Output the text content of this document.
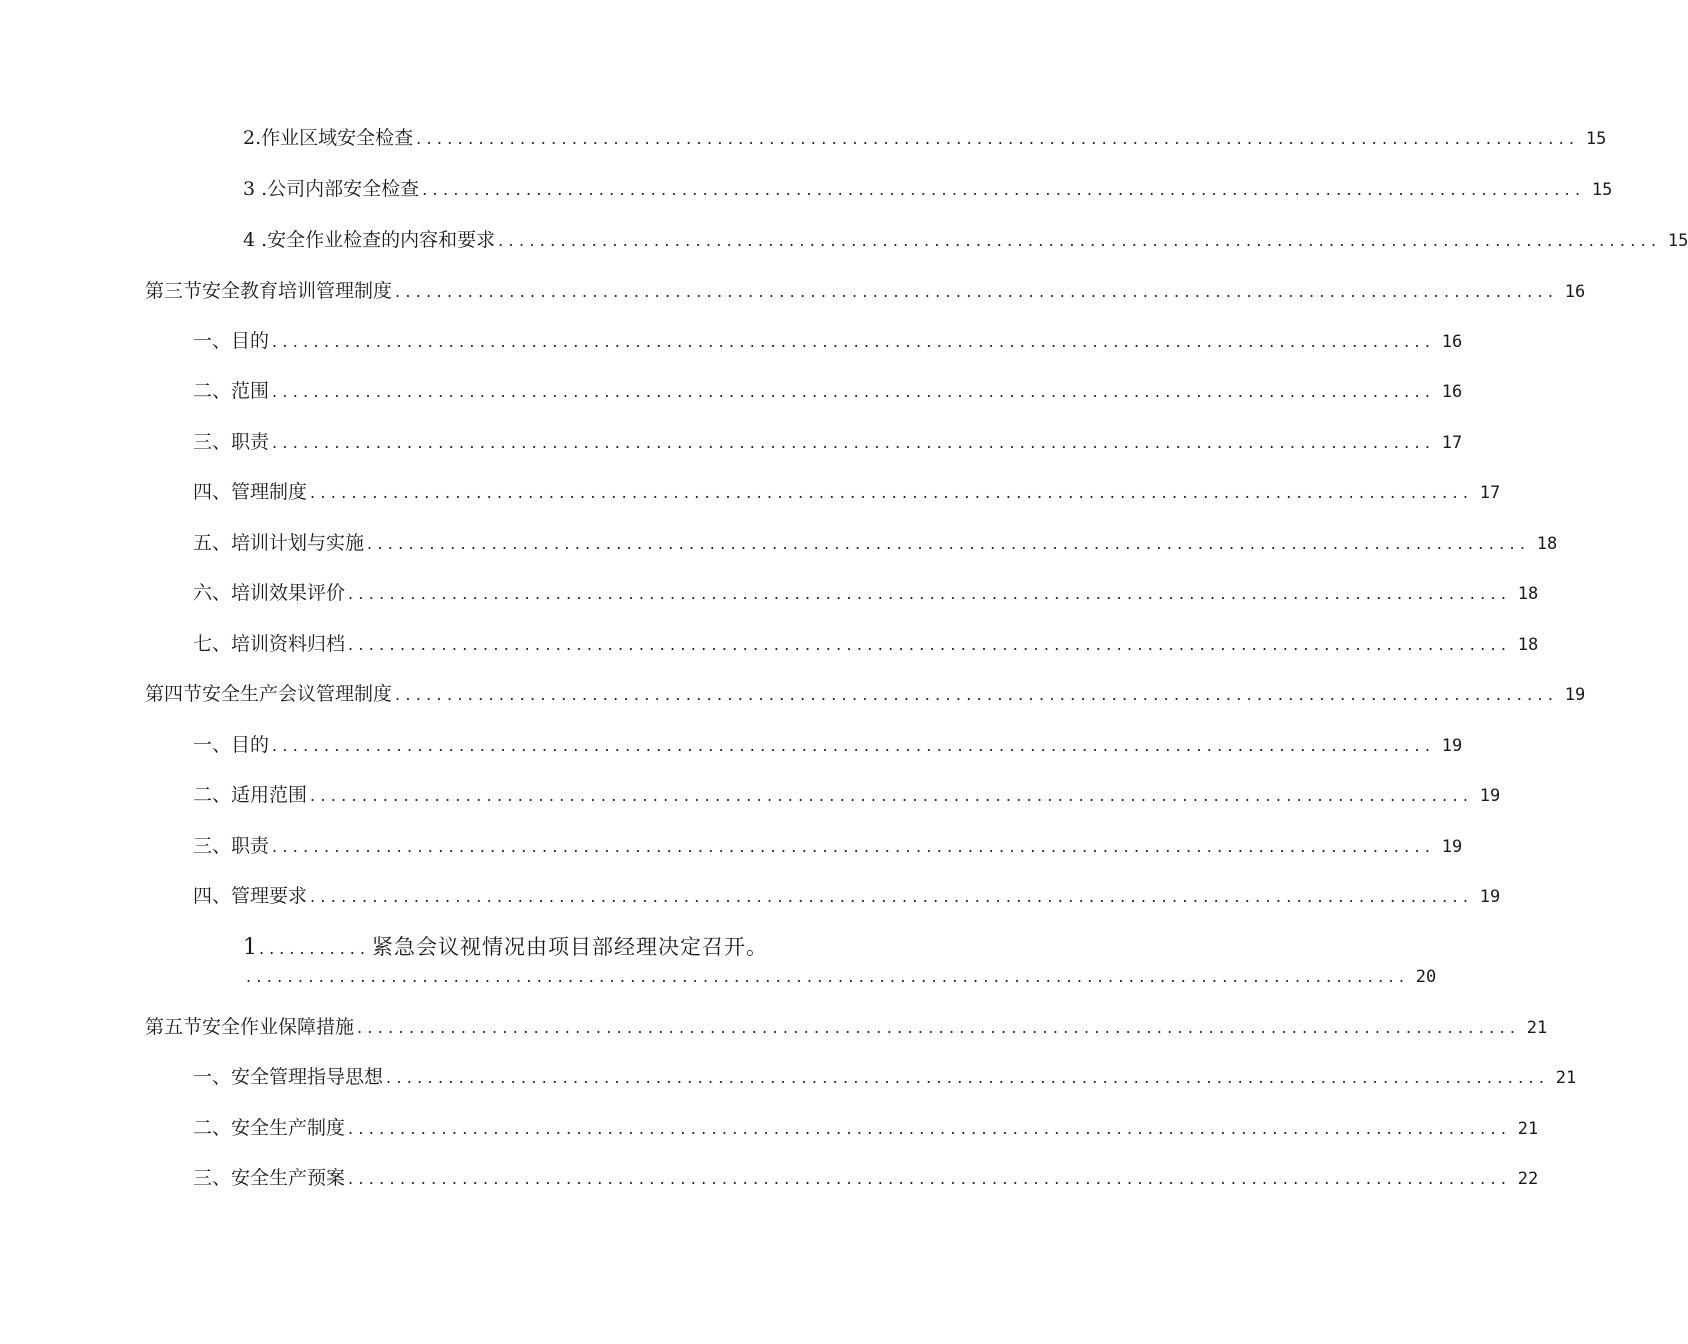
2.作业区域安全检查 ................................................................................................................ 15
3 .公司内部安全检查 ................................................................................................................ 15
4 .安全作业检查的内容和要求 ................................................................................................................ 15
第三节安全教育培训管理制度 ................................................................................................................ 16
一、目的 ................................................................................................................ 16
二、范围 ................................................................................................................ 16
三、职责 ................................................................................................................ 17
四、管理制度 ................................................................................................................ 17
五、培训计划与实施 ................................................................................................................ 18
六、培训效果评价 ................................................................................................................ 18
七、培训资料归档 ................................................................................................................ 18
第四节安全生产会议管理制度 ................................................................................................................ 19
一、目的 ................................................................................................................ 19
二、适用范围 ................................................................................................................ 19
三、职责 ................................................................................................................ 19
四、管理要求 ................................................................................................................ 19
1 ........... 紧急会议视情况由项目部经理决定召开。
................................................................................................................ 20
第五节安全作业保障措施 ................................................................................................................ 21
一、安全管理指导思想 ................................................................................................................ 21
二、安全生产制度 ................................................................................................................ 21
三、安全生产预案 ................................................................................................................ 22
